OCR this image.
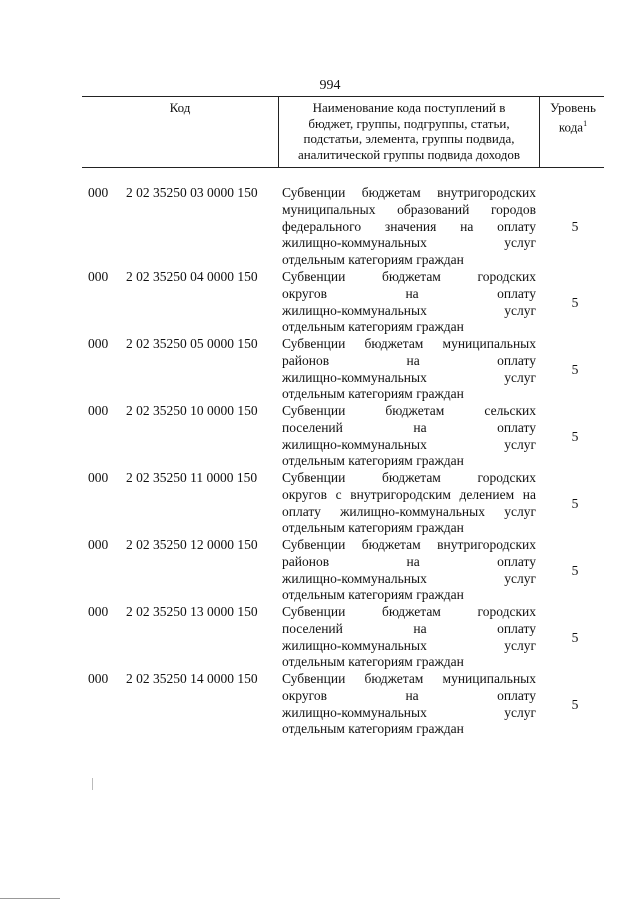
994
Код	Наименование кода поступлений в
бюджет, группы, подгруппы, статьи,
подстатьи, элемента, группы подвида,
аналитической группы подвида доходов
Уровень
кода$^1$
000 2 02 35250 03 0000 150 Субвенции бюджетам внутригородских
муниципальных образований городов
федерального значения на оплату
жилищно-коммунальных услуг
отдельным категориям граждан
5
000 2 02 35250 04 0000 150 Субвенции бюджетам городских
округов на оплату
жилищно-коммунальных услуг
отдельным категориям граждан
5
000 2 02 35250 05 0000 150 Субвенции бюджетам муниципальных
районов на оплату
жилищно-коммунальных услуг
отдельным категориям граждан
5
000 2 02 35250 10 0000 150 Субвенции бюджетам сельских
поселений на оплату
жилищно-коммунальных услуг
отдельным категориям граждан
5
000 2 02 35250 11 0000 150 Субвенции бюджетам городских
округов с внутригородским делением на
оплату жилищно-коммунальных услуг
отдельным категориям граждан
5
000 2 02 35250 12 0000 150 Субвенции бюджетам внутригородских
районов на оплату
жилищно-коммунальных услуг
отдельным категориям граждан
5
000 2 02 35250 13 0000 150 Субвенции бюджетам городских
поселений на оплату
жилищно-коммунальных услуг
отдельным категориям граждан
5
000 2 02 35250 14 0000 150 Субвенции бюджетам муниципальных
округов на оплату
жилищно-коммунальных услуг
отдельным категориям граждан
5
